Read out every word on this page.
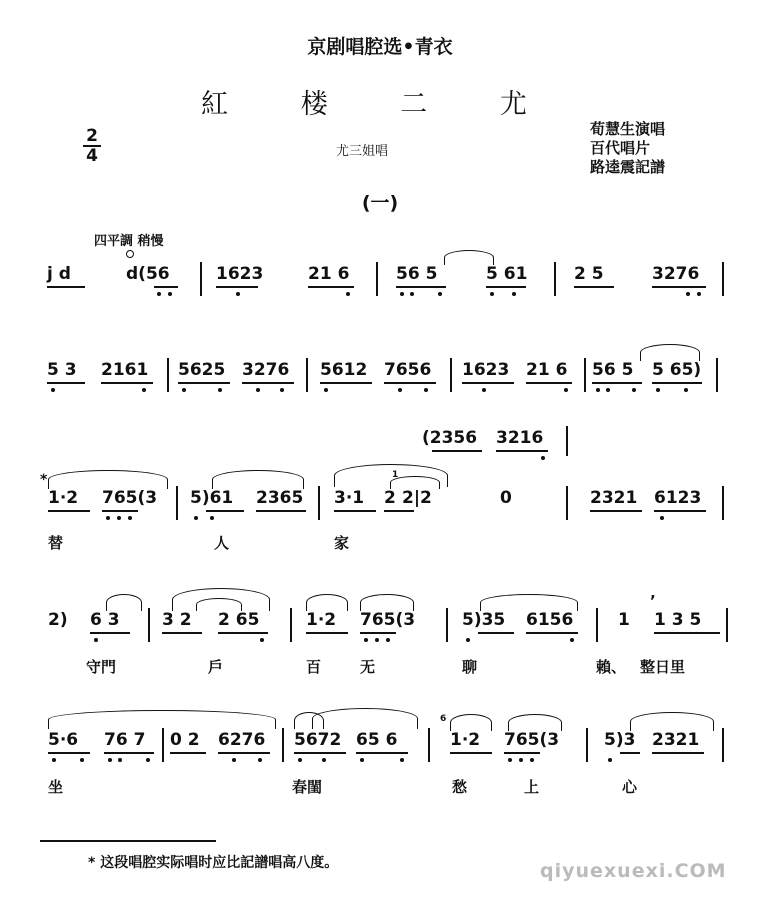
京剧唱腔选•青衣
紅 楼 二 尤
2
4	尤三姐唱
荀慧生演唱
百代唱片
路逵震記譜
(一)
四平調 稍慢
j d	d(56	1623	21 6	56 5	5 61	2 5	3276
5 3 2161 5625 3276 5612 7656 1623 21 6 56 5 5 65)
(2356 3216
*
1·2 765(3 5)61 2365
1
3·1 2 2|2	0	2321 6123
替	人	家
2) 6 3 3 2 2 65	1·2 765(3	5)35 6156
’
1 1 3 5
守門	戶	百	无	聊	賴、 整日里
5·6 76 7 0 2 6276 5672 65 6
6
1·2 765(3	5)3 2321
坐	春閨	愁	上	心
* 这段唱腔实际唱时应比記譜唱高八度。	qiyuexuexi.COM
